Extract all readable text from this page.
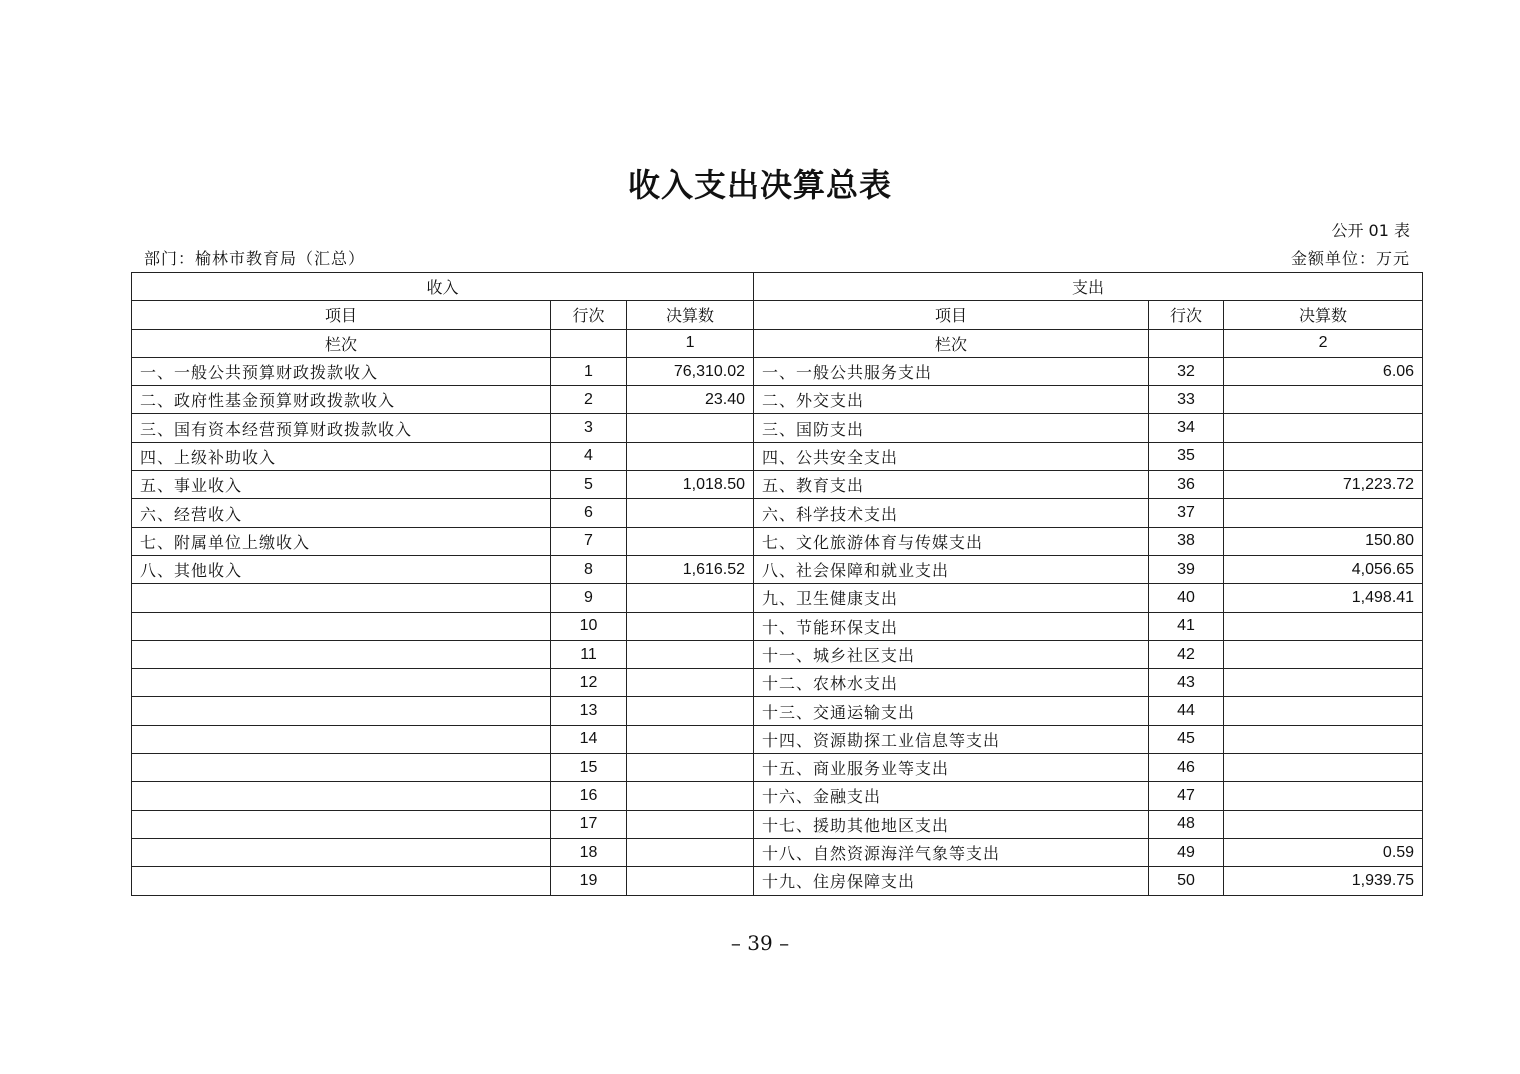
收入支出决算总表
公开 01 表
部门：榆林市教育局（汇总）	金额单位：万元
收入			支出		
项目	行次	决算数	项目	行次	决算数
栏次		1	栏次		2
一、一般公共预算财政拨款收入	1	76,310.02	一、一般公共服务支出	32	6.06
二、政府性基金预算财政拨款收入	2	23.40	二、外交支出	33	
三、国有资本经营预算财政拨款收入	3		三、国防支出	34	
四、上级补助收入	4		四、公共安全支出	35	
五、事业收入	5	1,018.50	五、教育支出	36	71,223.72
六、经营收入	6		六、科学技术支出	37	
七、附属单位上缴收入	7		七、文化旅游体育与传媒支出	38	150.80
八、其他收入	8	1,616.52	八、社会保障和就业支出	39	4,056.65
	9		九、卫生健康支出	40	1,498.41
	10		十、节能环保支出	41	
	11		十一、城乡社区支出	42	
	12		十二、农林水支出	43	
	13		十三、交通运输支出	44	
	14		十四、资源勘探工业信息等支出	45	
	15		十五、商业服务业等支出	46	
	16		十六、金融支出	47	
	17		十七、援助其他地区支出	48	
	18		十八、自然资源海洋气象等支出	49	0.59
	19		十九、住房保障支出	50	1,939.75
– 39 –
